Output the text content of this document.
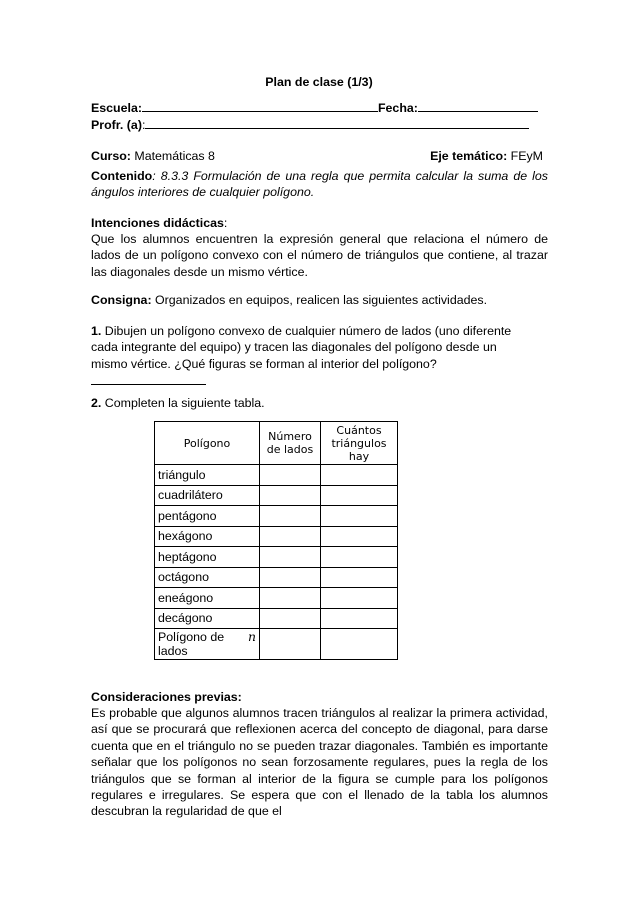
Plan de clase (1/3)
Escuela:	Fecha:
Profr. (a):
Curso: Matemáticas 8	Eje temático: FEyM
Contenido: 8.3.3 Formulación de una regla que permita calcular la suma de los ángulos interiores de cualquier polígono.
Intenciones didácticas:
Que los alumnos encuentren la expresión general que relaciona el número de lados de un polígono convexo con el número de triángulos que contiene, al trazar las diagonales desde un mismo vértice.
Consigna: Organizados en equipos, realicen las siguientes actividades.
1. Dibujen un polígono convexo de cualquier número de lados (uno diferente cada integrante del equipo) y tracen las diagonales del polígono desde un mismo vértice. ¿Qué figuras se forman al interior del polígono?
2. Completen la siguiente tabla.
Polígono	Número de lados	Cuántos triángulos hay
triángulo		
cuadrilátero		
pentágono		
hexágono		
heptágono		
octágono		
eneágono		
decágono		

Polígono de n
lados		

Consideraciones previas:
Es probable que algunos alumnos tracen triángulos al realizar la primera actividad, así que se procurará que reflexionen acerca del concepto de diagonal, para darse cuenta que en el triángulo no se pueden trazar diagonales. También es importante señalar que los polígonos no sean forzosamente regulares, pues la regla de los triángulos que se forman al interior de la figura se cumple para los polígonos regulares e irregulares. Se espera que con el llenado de la tabla los alumnos descubran la regularidad de que el
